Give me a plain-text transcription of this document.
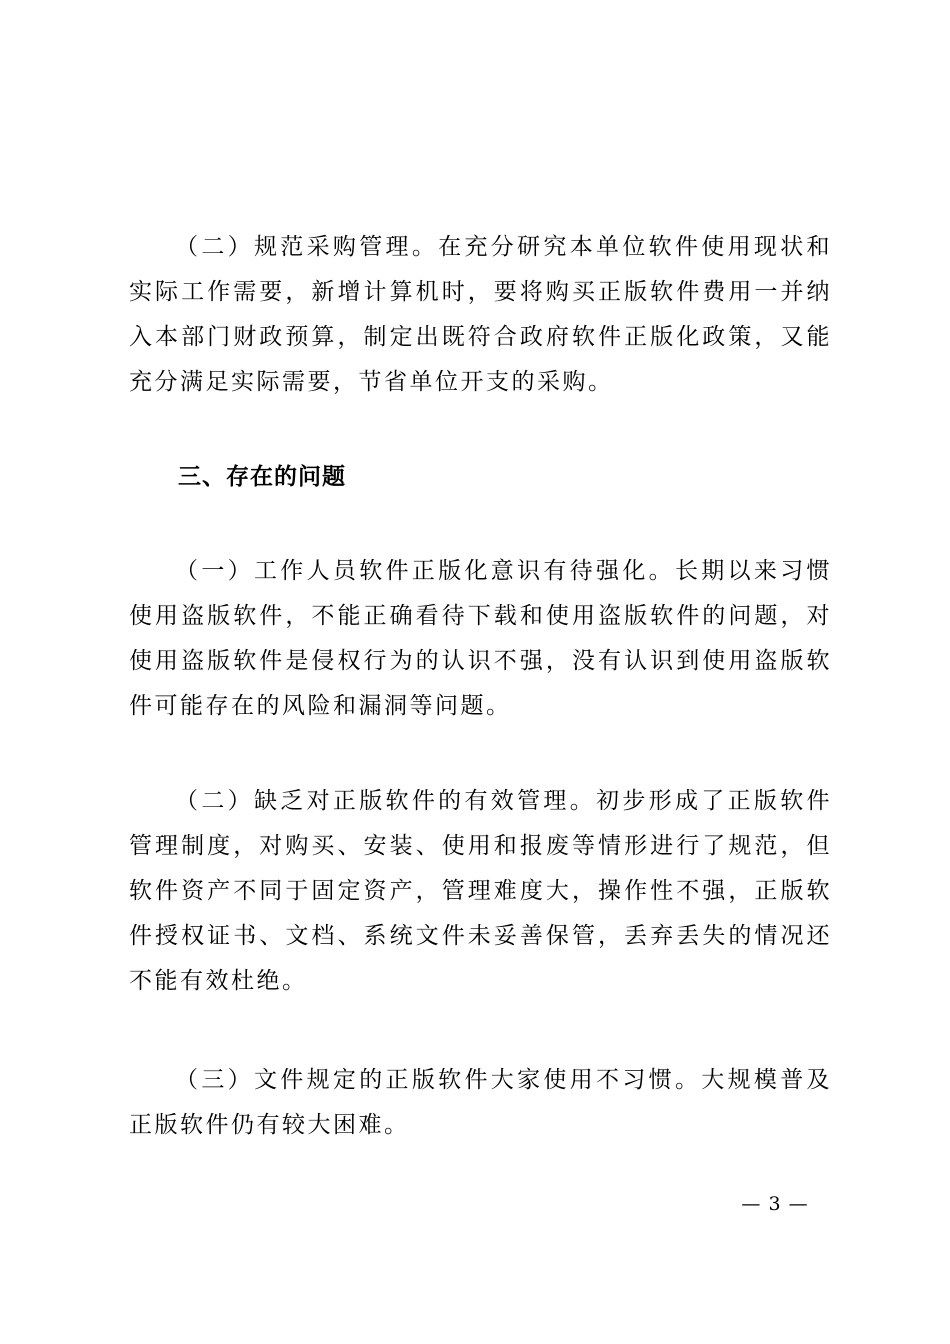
（二）规范采购管理。在充分研究本单位软件使用现状和实际工作需要，新增计算机时，要将购买正版软件费用一并纳入本部门财政预算，制定出既符合政府软件正版化政策，又能充分满足实际需要，节省单位开支的采购。

三、存在的问题

（一）工作人员软件正版化意识有待强化。长期以来习惯使用盗版软件，不能正确看待下载和使用盗版软件的问题，对使用盗版软件是侵权行为的认识不强，没有认识到使用盗版软件可能存在的风险和漏洞等问题。

（二）缺乏对正版软件的有效管理。初步形成了正版软件管理制度，对购买、安装、使用和报废等情形进行了规范，但软件资产不同于固定资产，管理难度大，操作性不强，正版软件授权证书、文档、系统文件未妥善保管，丢弃丢失的情况还不能有效杜绝。

（三）文件规定的正版软件大家使用不习惯。大规模普及正版软件仍有较大困难。

— 3 —
